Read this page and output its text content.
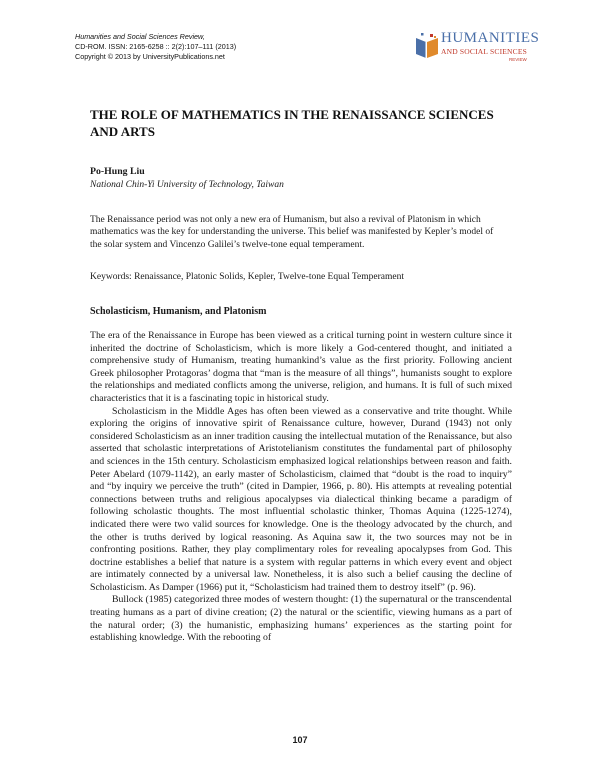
Humanities and Social Sciences Review,
CD-ROM. ISSN: 2165-6258 :: 2(2):107–111 (2013)
Copyright © 2013 by UniversityPublications.net
HUMANITIES
AND SOCIAL SCIENCES
REVIEW
THE ROLE OF MATHEMATICS IN THE RENAISSANCE SCIENCES AND ARTS
Po-Hung Liu
National Chin-Yi University of Technology, Taiwan
The Renaissance period was not only a new era of Humanism, but also a revival of Platonism in which mathematics was the key for understanding the universe. This belief was manifested by Kepler’s model of the solar system and Vincenzo Galilei’s twelve-tone equal temperament.
Keywords: Renaissance, Platonic Solids, Kepler, Twelve-tone Equal Temperament
Scholasticism, Humanism, and Platonism

The era of the Renaissance in Europe has been viewed as a critical turning point in western culture since it inherited the doctrine of Scholasticism, which is more likely a God-centered thought, and initiated a comprehensive study of Humanism, treating humankind’s value as the first priority. Following ancient Greek philosopher Protagoras’ dogma that “man is the measure of all things”, humanists sought to explore the relationships and mediated conflicts among the universe, religion, and humans. It is full of such mixed characteristics that it is a fascinating topic in historical study.

Scholasticism in the Middle Ages has often been viewed as a conservative and trite thought. While exploring the origins of innovative spirit of Renaissance culture, however, Durand (1943) not only considered Scholasticism as an inner tradition causing the intellectual mutation of the Renaissance, but also asserted that scholastic interpretations of Aristotelianism constitutes the fundamental part of philosophy and sciences in the 15th century. Scholasticism emphasized logical relationships between reason and faith. Peter Abelard (1079-1142), an early master of Scholasticism, claimed that “doubt is the road to inquiry” and “by inquiry we perceive the truth” (cited in Dampier, 1966, p. 80). His attempts at revealing potential connections between truths and religious apocalypses via dialectical thinking became a paradigm of following scholastic thoughts. The most influential scholastic thinker, Thomas Aquina (1225-1274), indicated there were two valid sources for knowledge. One is the theology advocated by the church, and the other is truths derived by logical reasoning. As Aquina saw it, the two sources may not be in confronting positions. Rather, they play complimentary roles for revealing apocalypses from God. This doctrine establishes a belief that nature is a system with regular patterns in which every event and object are intimately connected by a universal law. Nonetheless, it is also such a belief causing the decline of Scholasticism. As Damper (1966) put it, “Scholasticism had trained them to destroy itself” (p. 96).

Bullock (1985) categorized three modes of western thought: (1) the supernatural or the transcendental treating humans as a part of divine creation; (2) the natural or the scientific, viewing humans as a part of the natural order; (3) the humanistic, emphasizing humans’ experiences as the starting point for establishing knowledge. With the rebooting of

107
